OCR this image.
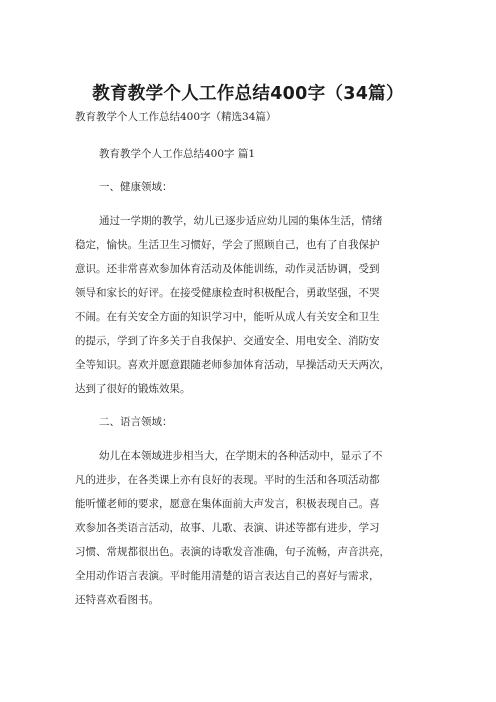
教育教学个人工作总结400字（34篇）
教育教学个人工作总结400字（精选34篇）
教育教学个人工作总结400字 篇1
一、健康领域：
通过一学期的教学，幼儿已逐步适应幼儿园的集体生活，情绪
稳定，愉快。生活卫生习惯好，学会了照顾自己，也有了自我保护
意识。还非常喜欢参加体育活动及体能训练，动作灵活协调，受到
领导和家长的好评。在接受健康检查时积极配合，勇敢坚强，不哭
不闹。在有关安全方面的知识学习中，能听从成人有关安全和卫生
的提示，学到了许多关于自我保护、交通安全、用电安全、消防安
全等知识。喜欢并愿意跟随老师参加体育活动，早操活动天天两次，
达到了很好的锻炼效果。
二、语言领域：
幼儿在本领域进步相当大，在学期末的各种活动中，显示了不
凡的进步，在各类课上亦有良好的表现。平时的生活和各项活动都
能听懂老师的要求，愿意在集体面前大声发言，积极表现自己。喜
欢参加各类语言活动，故事、儿歌、表演、讲述等都有进步，学习
习惯、常规都很出色。表演的诗歌发音准确，句子流畅，声音洪亮，
全用动作语言表演。平时能用清楚的语言表达自己的喜好与需求，
还特喜欢看图书。
